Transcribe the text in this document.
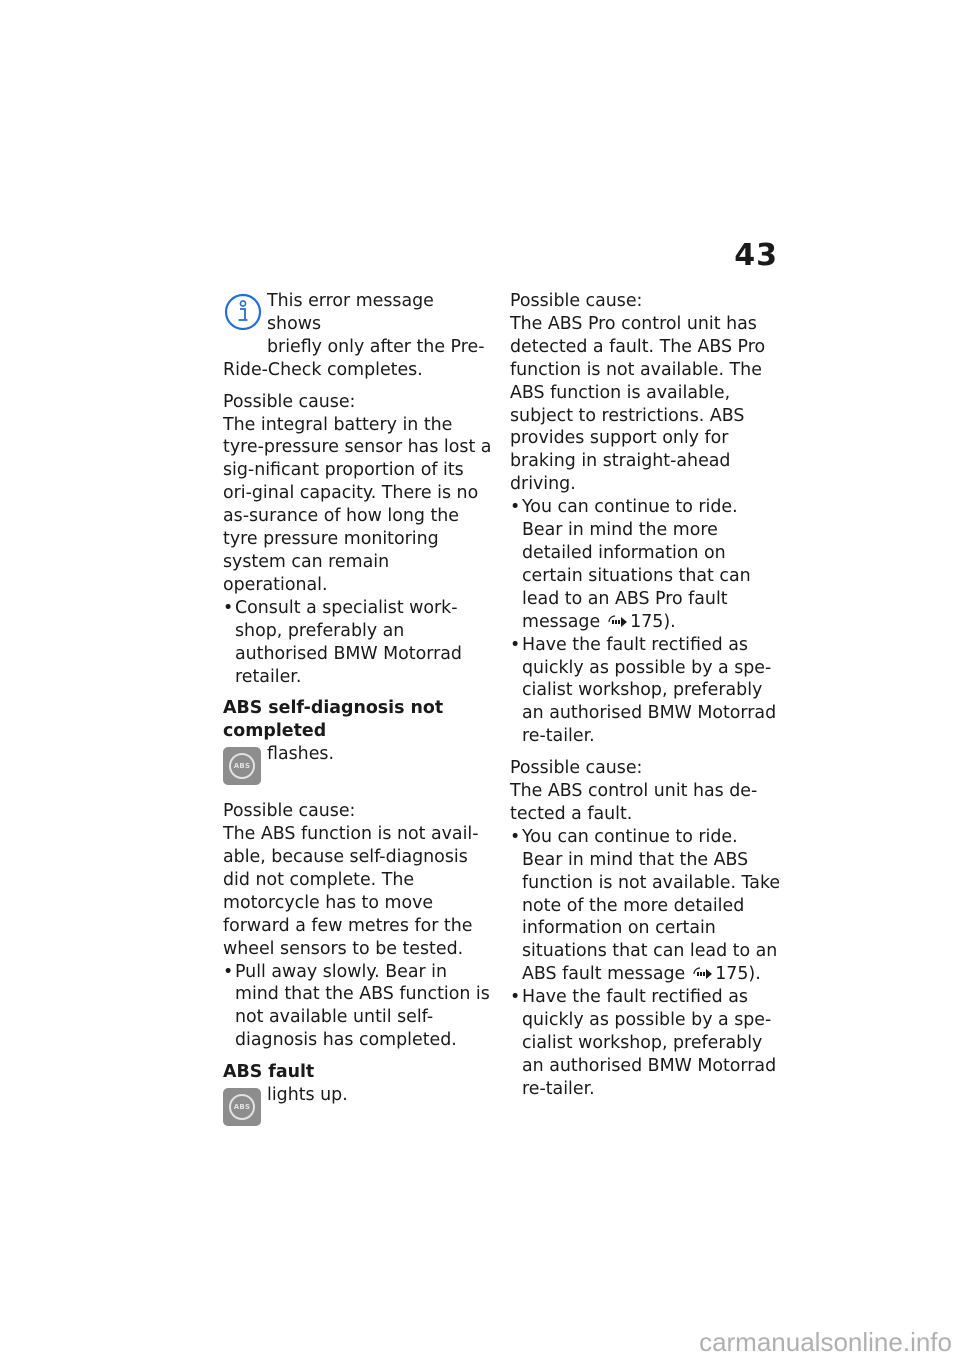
43

This error message shows

briefly only after the Pre-

Ride-Check completes.

Possible cause:

The integral battery in the tyre-pressure sensor has lost a sig-nificant proportion of its ori-ginal capacity. There is no as-surance of how long the tyre pressure monitoring system can remain operational.

• Consult a specialist work-shop, preferably an authorised BMW Motorrad retailer.

ABS self-diagnosis not completed

ABS

flashes.

Possible cause:

The ABS function is not avail-able, because self-diagnosis did not complete. The motorcycle has to move forward a few metres for the wheel sensors to be tested.

• Pull away slowly. Bear in mind that the ABS function is not available until self-diagnosis has completed.

ABS fault

ABS

lights up.

Possible cause:

The ABS Pro control unit has detected a fault. The ABS Pro function is not available. The ABS function is available, subject to restrictions. ABS provides support only for braking in straight-ahead driving.

• You can continue to ride. Bear in mind the more detailed information on certain situations that can lead to an ABS Pro fault message 175).

• Have the fault rectified as quickly as possible by a spe-cialist workshop, preferably an authorised BMW Motorrad re-tailer.

Possible cause:

The ABS control unit has de-tected a fault.

• You can continue to ride. Bear in mind that the ABS function is not available. Take note of the more detailed information on certain situations that can lead to an ABS fault message 175).

• Have the fault rectified as quickly as possible by a spe-cialist workshop, preferably an authorised BMW Motorrad re-tailer.

carmanualsonline.info
